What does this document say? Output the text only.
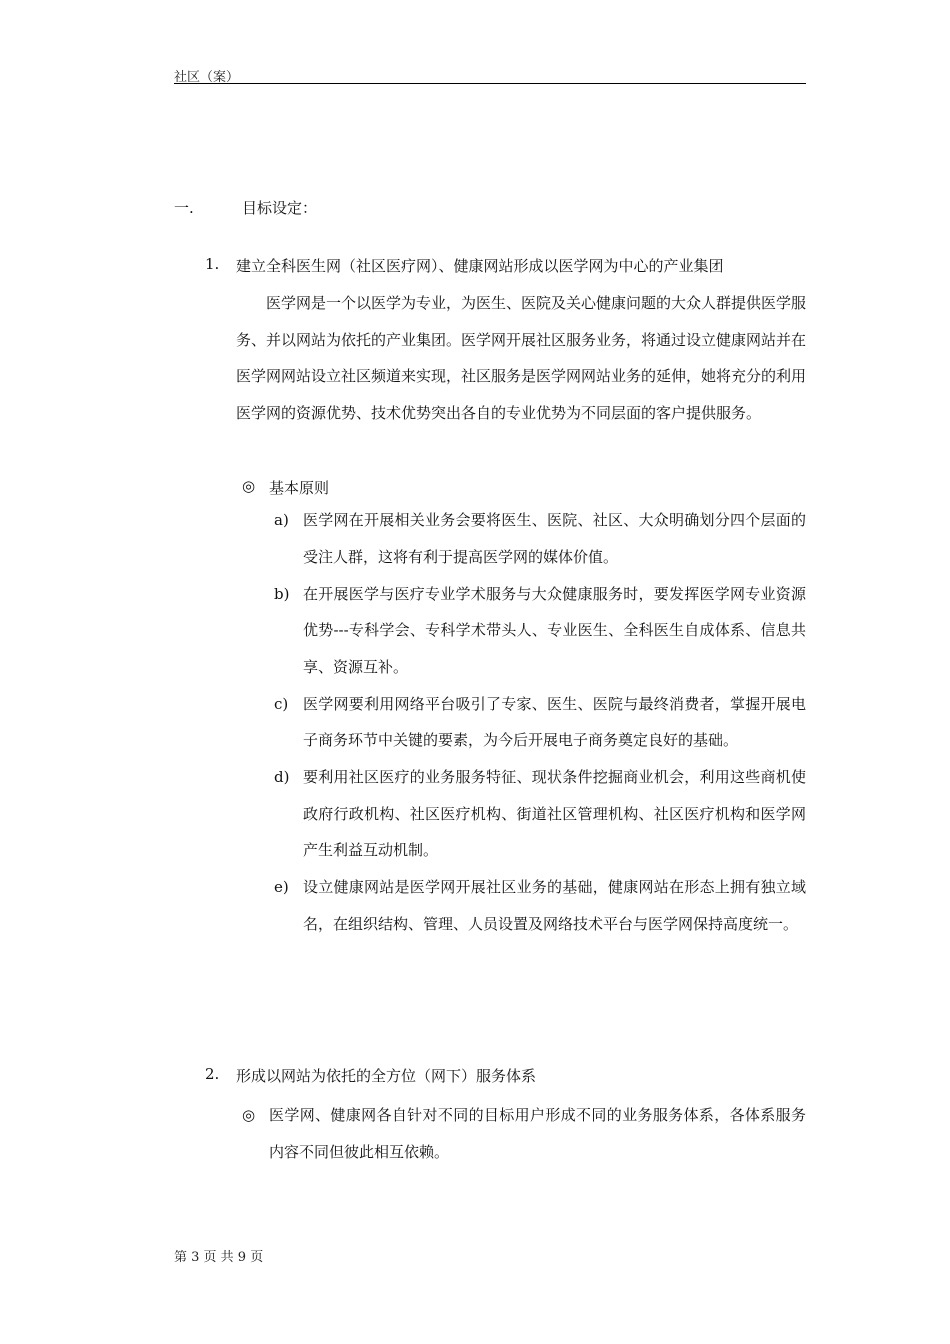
社区（案）
一.	目标设定：
1. 建立全科医生网（社区医疗网）、健康网站形成以医学网为中心的产业集团
医学网是一个以医学为专业，为医生、医院及关心健康问题的大众人群提供医学服务、并以网站为依托的产业集团。医学网开展社区服务业务，将通过设立健康网站并在医学网网站设立社区频道来实现，社区服务是医学网网站业务的延伸，她将充分的利用医学网的资源优势、技术优势突出各自的专业优势为不同层面的客户提供服务。
◎ 基本原则
a) 医学网在开展相关业务会要将医生、医院、社区、大众明确划分四个层面的受注人群，这将有利于提高医学网的媒体价值。
b) 在开展医学与医疗专业学术服务与大众健康服务时，要发挥医学网专业资源优势---专科学会、专科学术带头人、专业医生、全科医生自成体系、信息共享、资源互补。
c) 医学网要利用网络平台吸引了专家、医生、医院与最终消费者，掌握开展电子商务环节中关键的要素，为今后开展电子商务奠定良好的基础。
d) 要利用社区医疗的业务服务特征、现状条件挖掘商业机会，利用这些商机使政府行政机构、社区医疗机构、街道社区管理机构、社区医疗机构和医学网产生利益互动机制。
e) 设立健康网站是医学网开展社区业务的基础，健康网站在形态上拥有独立域名，在组织结构、管理、人员设置及网络技术平台与医学网保持高度统一。
2. 形成以网站为依托的全方位（网下）服务体系
◎ 医学网、健康网各自针对不同的目标用户形成不同的业务服务体系，各体系服务内容不同但彼此相互依赖。
第 3 页 共 9 页
